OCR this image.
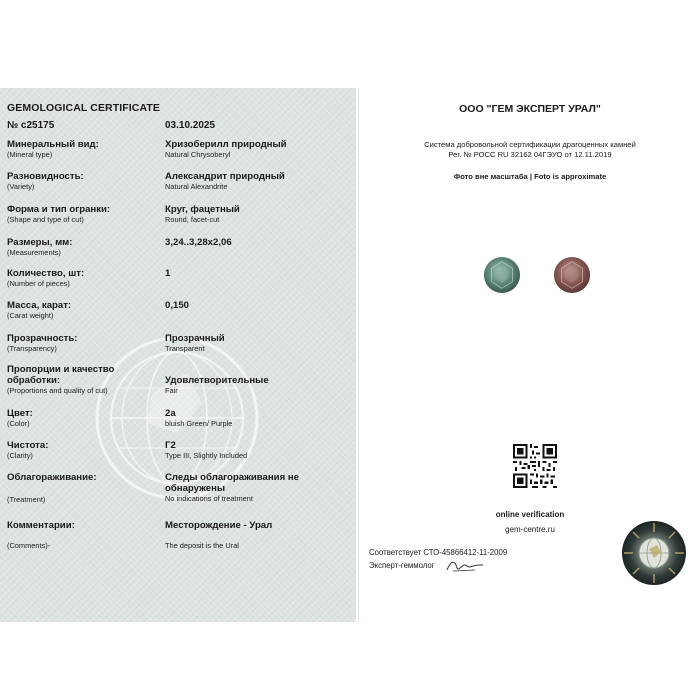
GEMOLOGICAL CERTIFICATE
№ c25175	03.10.2025
Минеральный вид:
(Mineral type)
Хризоберилл природный
Natural Chrysoberyl
Разновидность:
(Variety)
Александрит природный
Natural Alexandrite
Форма и тип огранки:
(Shape and type of cut)
Круг, фацетный
Round, facet-cut
Размеры, мм:
(Measurements)
3,24..3,28х2,06
Количество, шт:
(Number of pieces)
1
Масса, карат:
(Carat weight)
0,150
Прозрачность:
(Transparency)
Прозрачный
Transparent
Пропорции и качество
обработки:
(Proportions and quality of cut)
Удовлетворительные
Fair
Цвет:
(Color)
2а
bluish Green/ Purple
Чистота:
(Clarity)
Г2
Type III, Slightly Included
Облагораживание:
(Treatment)
Следы облагораживания не
обнаружены
No indications of treatment
Комментарии:
(Comments)-
Месторождение - Урал
The deposit is the Ural
ООО "ГЕМ ЭКСПЕРТ УРАЛ"
Система добровольной сертификации драгоценных камней
Рег. № РОСС RU 32162 04ГЭУО от 12.11.2019
Фото вне масштаба | Foto is approximate
online verification
gem-centre.ru
Соответствует СТО-45866412-11-2009
Эксперт-геммолог
